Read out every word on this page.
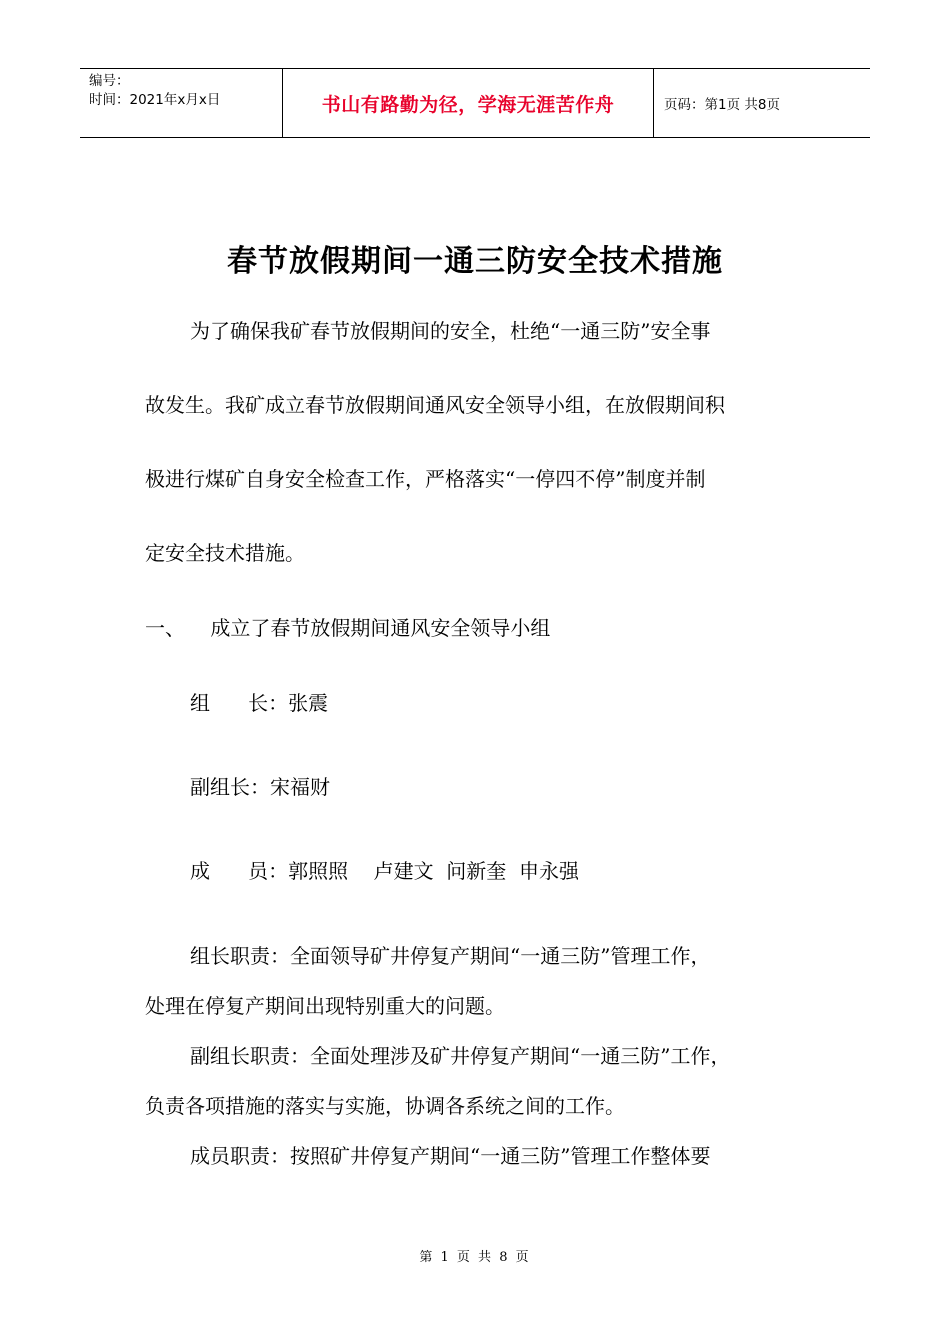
编号：
时间：2021年x月x日	书山有路勤为径，学海无涯苦作舟	页码：第1页 共8页
春节放假期间一通三防安全技术措施
为了确保我矿春节放假期间的安全，杜绝“一通三防”安全事
故发生。我矿成立春节放假期间通风安全领导小组，在放假期间积
极进行煤矿自身安全检查工作，严格落实“一停四不停”制度并制
定安全技术措施。
一、    成立了春节放假期间通风安全领导小组
组      长：张震
副组长：宋福财
成      员：郭照照    卢建文  问新奎  申永强
组长职责：全面领导矿井停复产期间“一通三防”管理工作，
处理在停复产期间出现特别重大的问题。
副组长职责：全面处理涉及矿井停复产期间“一通三防”工作，
负责各项措施的落实与实施，协调各系统之间的工作。
成员职责：按照矿井停复产期间“一通三防”管理工作整体要
第 1 页 共 8 页
